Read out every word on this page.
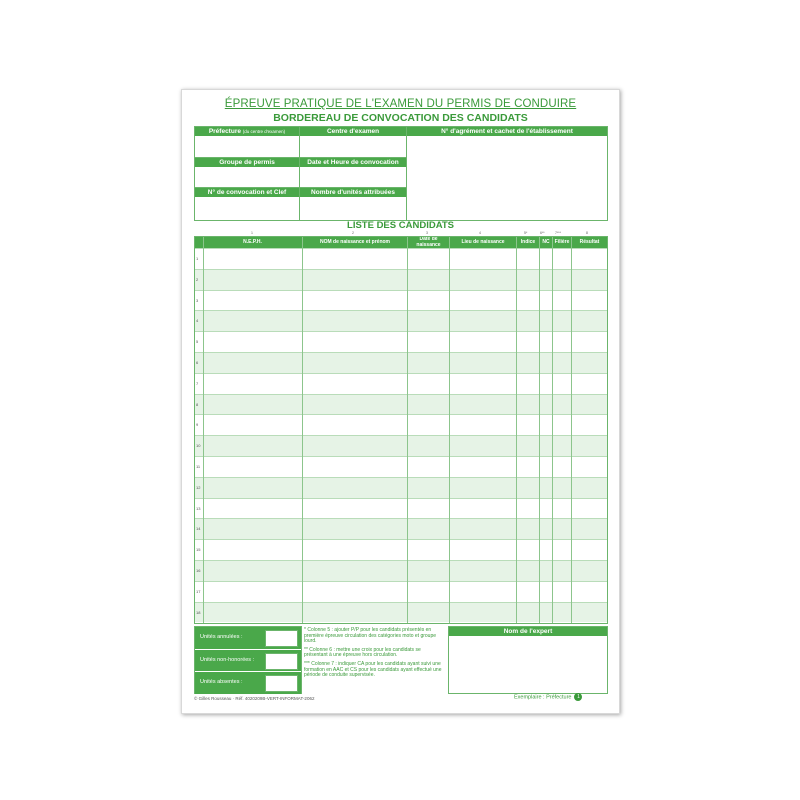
ÉPREUVE PRATIQUE DE L'EXAMEN DU PERMIS DE CONDUIRE
BORDEREAU DE CONVOCATION DES CANDIDATS
Préfecture (du centre d'examen)	Centre d'examen	N° d'agrément et cachet de l'établissement
Groupe de permis	Date et Heure de convocation
N° de convocation et Clef	Nombre d'unités attribuées
LISTE DES CANDIDATS
1	2	3	4	5*	6**	7***	8
N.E.P.H.	NOM de naissance et prénom	Date de naissance	Lieu de naissance	Indice	NC	Filière	Résultat
1
2
3
4
5
6
7
8
9
10
11
12
13
14
15
16
17
18
Unités annulées :
Unités non-honorées :
Unités absentes :

* Colonne 5 : ajouter P/P pour les candidats présentés en première épreuve circulation des catégories moto et groupe lourd.

** Colonne 6 : mettre une croix pour les candidats se présentant à une épreuve hors circulation.

*** Colonne 7 : indiquer CA pour les candidats ayant suivi une formation en AAC et CS pour les candidats ayant effectué une période de conduite supervisée.

Nom de l'expert
© Gilles Rousseau · Réf. 4020209B-VERT-INFORMAT-2062	Exemplaire : Préfecture 1
